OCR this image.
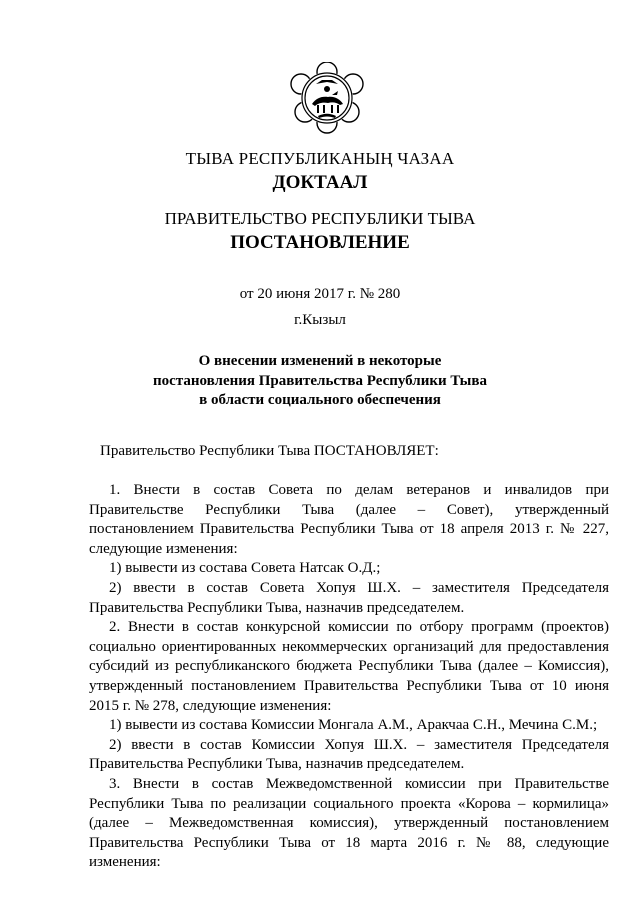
ТЫВА РЕСПУБЛИКАНЫҢ ЧАЗАА
ДОКТААЛ
ПРАВИТЕЛЬСТВО РЕСПУБЛИКИ ТЫВА
ПОСТАНОВЛЕНИЕ
от 20 июня 2017 г. № 280
г.Кызыл
О внесении изменений в некоторые
постановления Правительства Республики Тыва
в области социального обеспечения
Правительство Республики Тыва ПОСТАНОВЛЯЕТ:

1. Внести в состав Совета по делам ветеранов и инвалидов при Правительстве Республики Тыва (далее – Совет), утвержденный постановлением Правительства Республики Тыва от 18 апреля 2013 г. № 227, следующие изменения:

1) вывести из состава Совета Натсак О.Д.;

2) ввести в состав Совета Хопуя Ш.Х. – заместителя Председателя Правительства Республики Тыва, назначив председателем.

2. Внести в состав конкурсной комиссии по отбору программ (проектов) социально ориентированных некоммерческих организаций для предоставления субсидий из республиканского бюджета Республики Тыва (далее – Комиссия), утвержденный постановлением Правительства Республики Тыва от 10 июня 2015 г. № 278, следующие изменения:

1) вывести из состава Комиссии Монгала А.М., Аракчаа С.Н., Мечина С.М.;

2) ввести в состав Комиссии Хопуя Ш.Х. – заместителя Председателя Правительства Республики Тыва, назначив председателем.

3. Внести в состав Межведомственной комиссии при Правительстве Республики Тыва по реализации социального проекта «Корова – кормилица» (далее – Межведомственная комиссия), утвержденный постановлением Правительства Республики Тыва от 18 марта 2016 г. № 88, следующие изменения:
